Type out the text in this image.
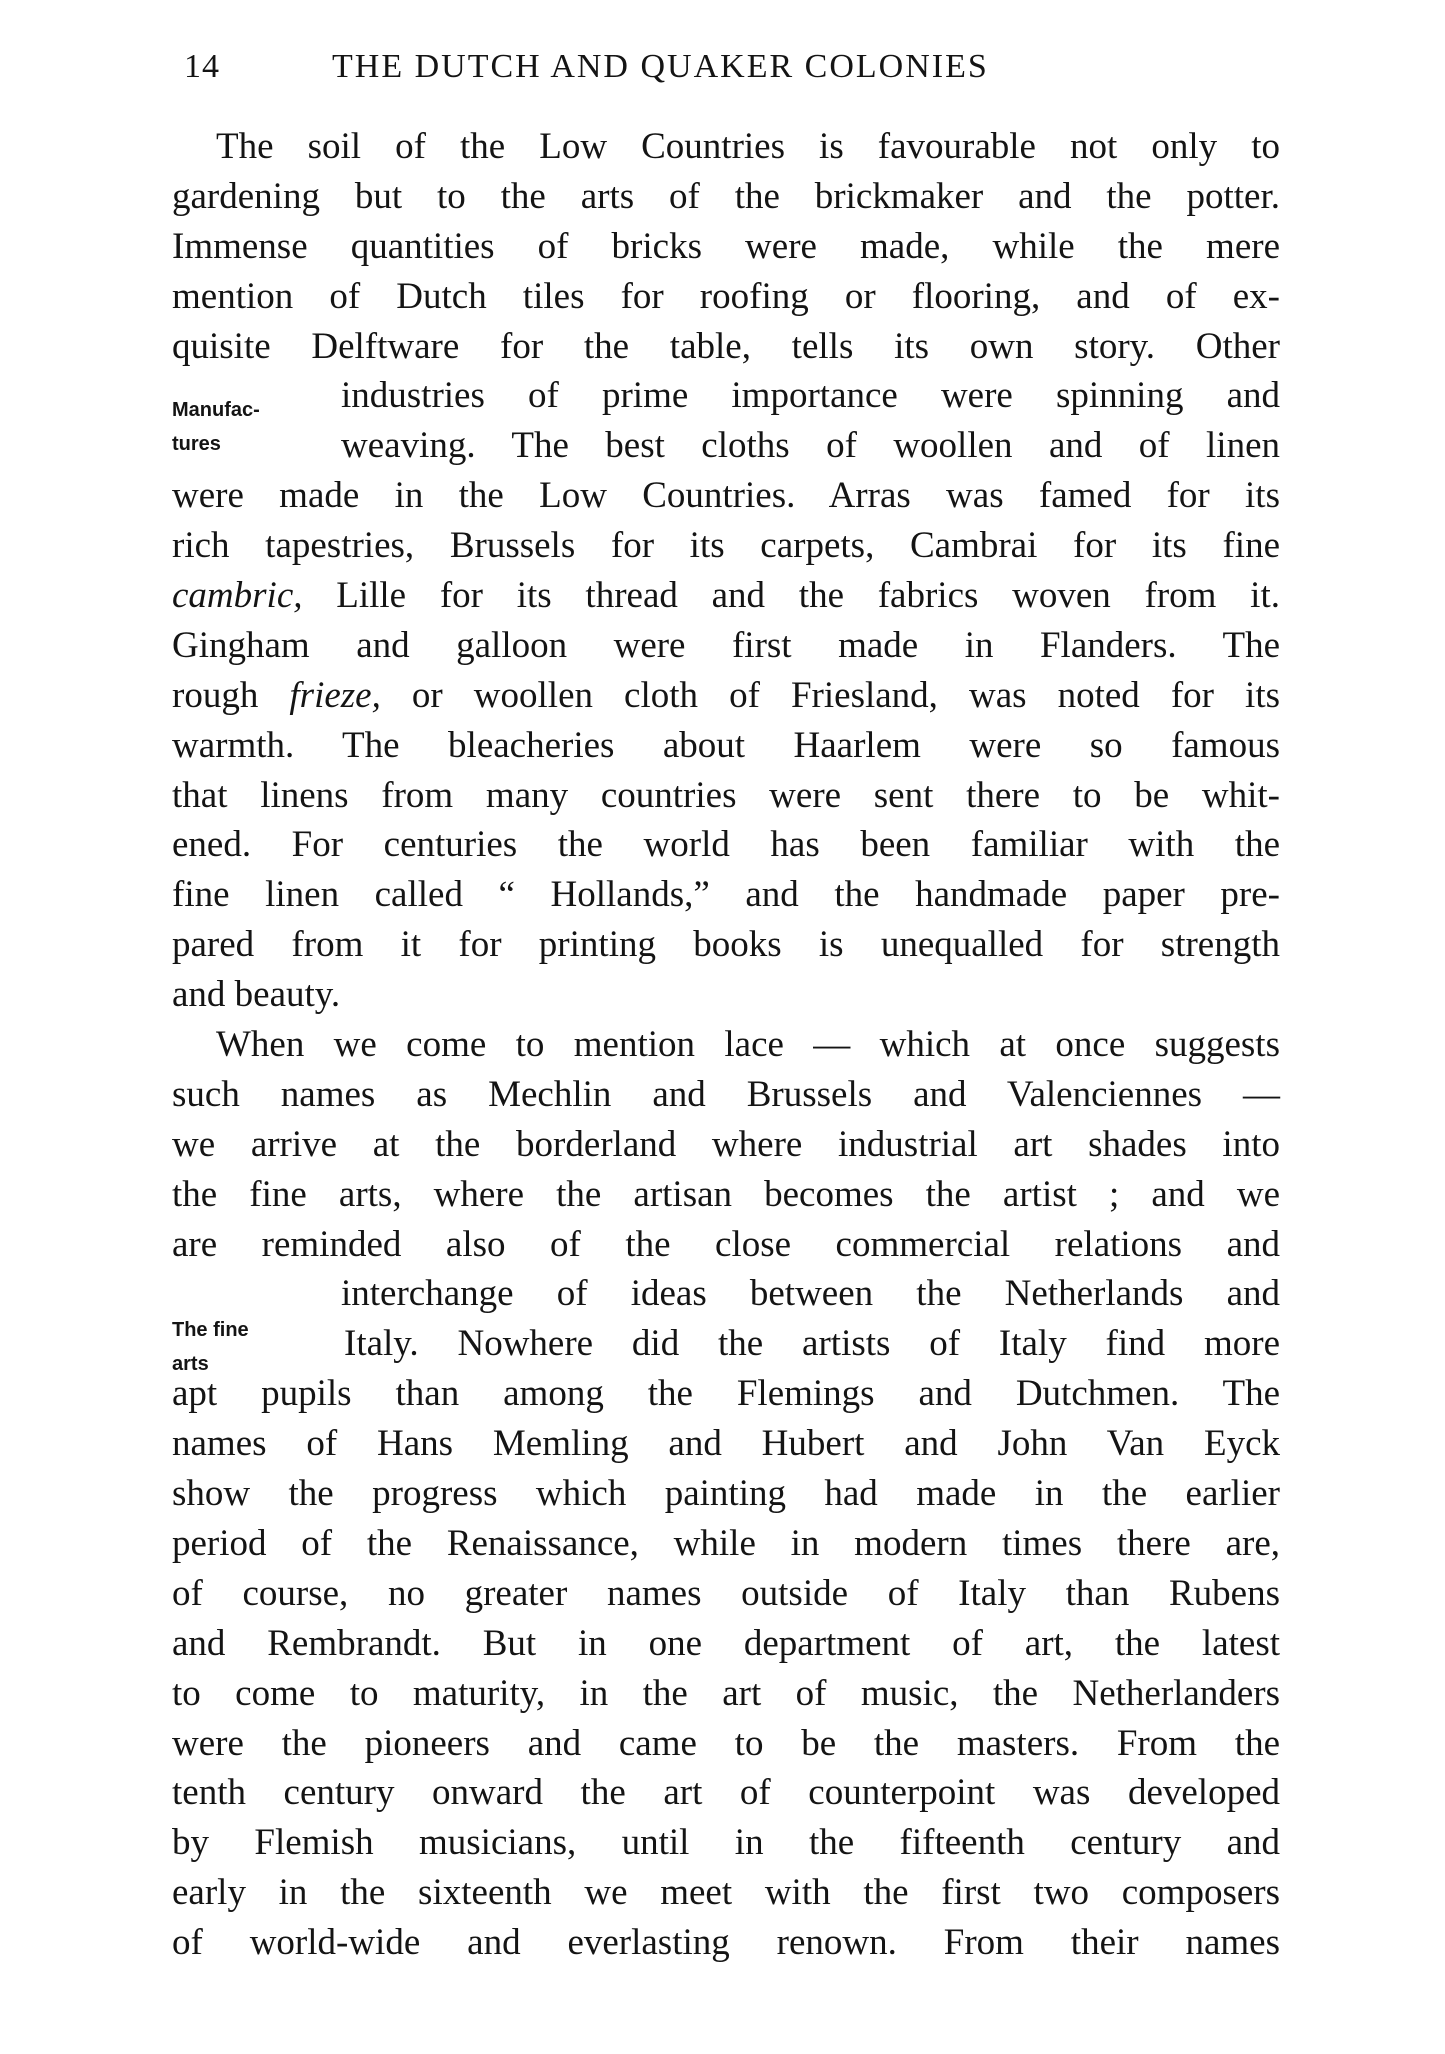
14	THE DUTCH AND QUAKER COLONIES
Manufac-
tures
The fine
arts
The soil of the Low Countries is favourable not only to
gardening but to the arts of the brickmaker and the potter.
Immense quantities of bricks were made, while the mere
mention of Dutch tiles for roofing or flooring, and of ex-
quisite Delftware for the table, tells its own story. Other
industries of prime importance were spinning and
weaving. The best cloths of woollen and of linen
were made in the Low Countries. Arras was famed for its
rich tapestries, Brussels for its carpets, Cambrai for its fine
cambric, Lille for its thread and the fabrics woven from it.
Gingham and galloon were first made in Flanders. The
rough frieze, or woollen cloth of Friesland, was noted for its
warmth. The bleacheries about Haarlem were so famous
that linens from many countries were sent there to be whit-
ened. For centuries the world has been familiar with the
fine linen called “ Hollands,” and the handmade paper pre-
pared from it for printing books is unequalled for strength
and beauty.
When we come to mention lace — which at once suggests
such names as Mechlin and Brussels and Valenciennes —
we arrive at the borderland where industrial art shades into
the fine arts, where the artisan becomes the artist ; and we
are reminded also of the close commercial relations and
interchange of ideas between the Netherlands and
Italy. Nowhere did the artists of Italy find more
apt pupils than among the Flemings and Dutchmen. The
names of Hans Memling and Hubert and John Van Eyck
show the progress which painting had made in the earlier
period of the Renaissance, while in modern times there are,
of course, no greater names outside of Italy than Rubens
and Rembrandt. But in one department of art, the latest
to come to maturity, in the art of music, the Netherlanders
were the pioneers and came to be the masters. From the
tenth century onward the art of counterpoint was developed
by Flemish musicians, until in the fifteenth century and
early in the sixteenth we meet with the first two composers
of world-wide and everlasting renown. From their names
